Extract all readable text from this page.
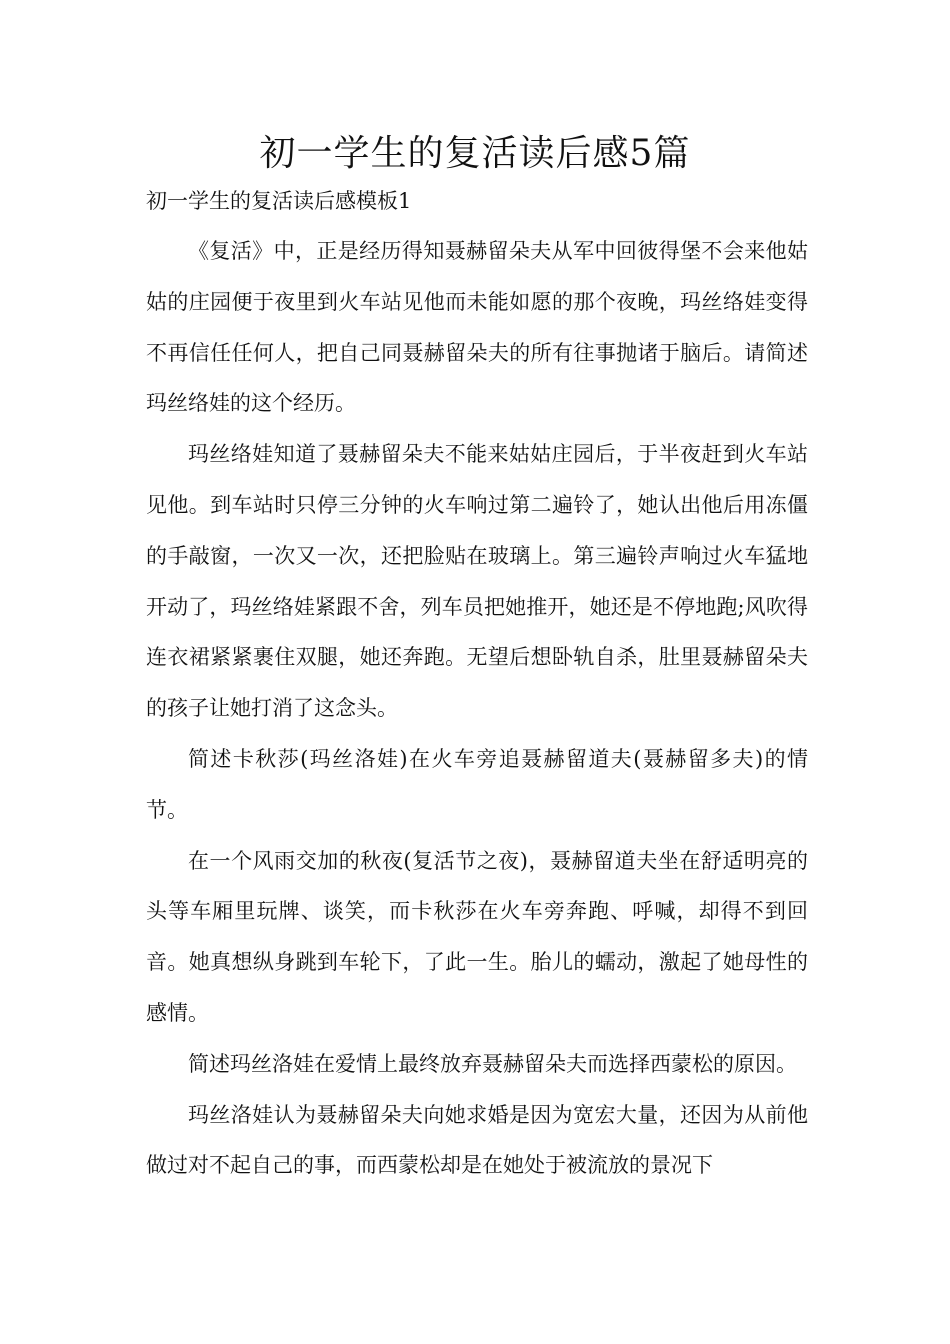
初一学生的复活读后感5篇

初一学生的复活读后感模板1

《复活》中，正是经历得知聂赫留朵夫从军中回彼得堡不会来他姑姑的庄园便于夜里到火车站见他而未能如愿的那个夜晚，玛丝络娃变得不再信任任何人，把自己同聂赫留朵夫的所有往事抛诸于脑后。请简述玛丝络娃的这个经历。

玛丝络娃知道了聂赫留朵夫不能来姑姑庄园后，于半夜赶到火车站见他。到车站时只停三分钟的火车响过第二遍铃了，她认出他后用冻僵的手敲窗，一次又一次，还把脸贴在玻璃上。第三遍铃声响过火车猛地开动了，玛丝络娃紧跟不舍，列车员把她推开，她还是不停地跑;风吹得连衣裙紧紧裹住双腿，她还奔跑。无望后想卧轨自杀，肚里聂赫留朵夫的孩子让她打消了这念头。

简述卡秋莎(玛丝洛娃)在火车旁追聂赫留道夫(聂赫留多夫)的情节。

在一个风雨交加的秋夜(复活节之夜)，聂赫留道夫坐在舒适明亮的头等车厢里玩牌、谈笑，而卡秋莎在火车旁奔跑、呼喊，却得不到回音。她真想纵身跳到车轮下，了此一生。胎儿的蠕动，激起了她母性的感情。

简述玛丝洛娃在爱情上最终放弃聂赫留朵夫而选择西蒙松的原因。

玛丝洛娃认为聂赫留朵夫向她求婚是因为宽宏大量，还因为从前他做过对不起自己的事，而西蒙松却是在她处于被流放的景况下
